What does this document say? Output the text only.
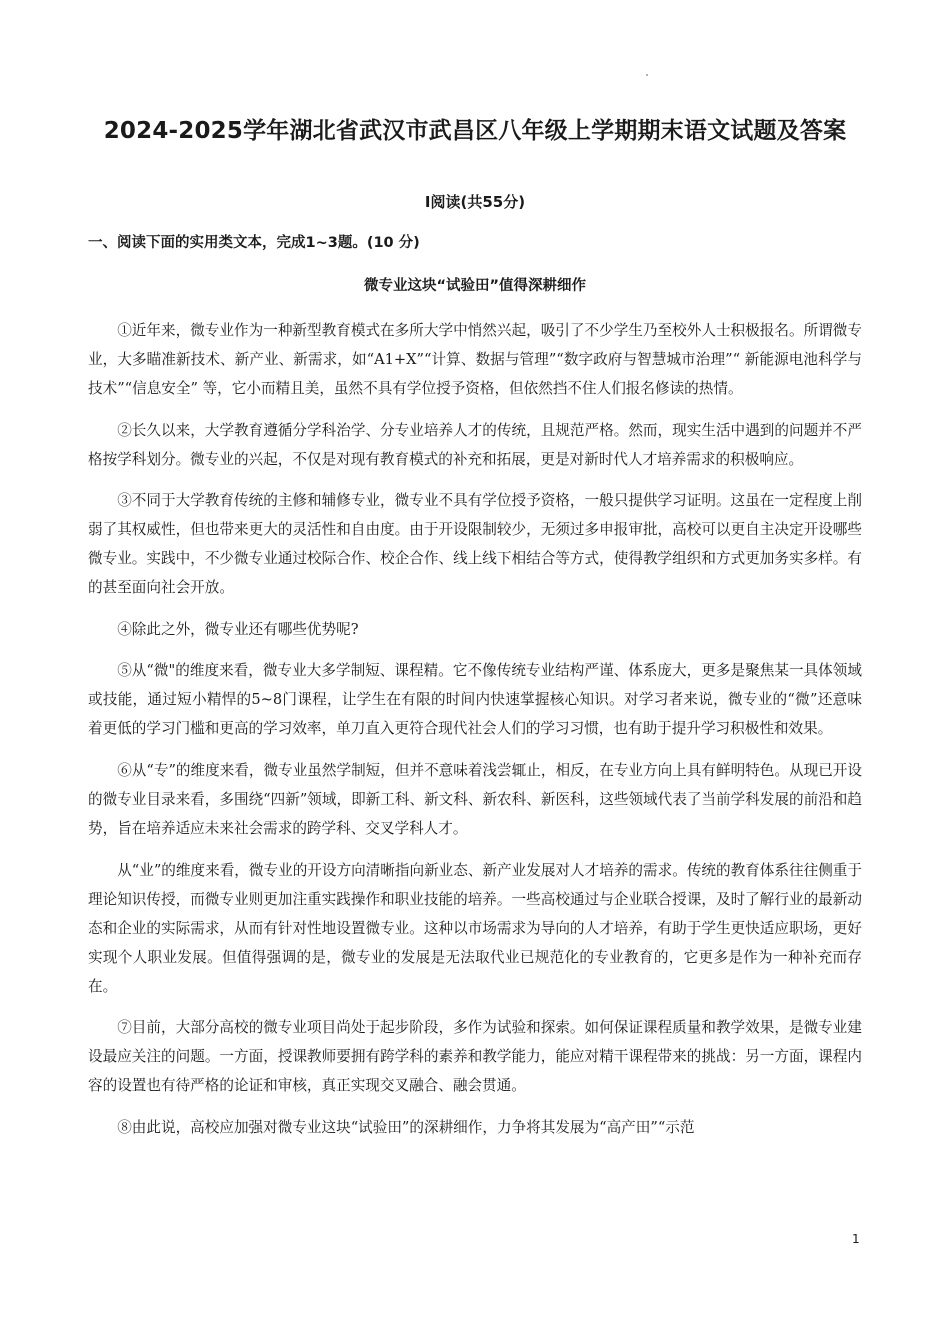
2024-2025学年湖北省武汉市武昌区八年级上学期期末语文试题及答案
Ⅰ阅读(共55分)
一、阅读下面的实用类文本，完成1~3题。(10 分)
微专业这块“试验田”值得深耕细作

①近年来，微专业作为一种新型教育模式在多所大学中悄然兴起，吸引了不少学生乃至校外人士积极报名。所谓微专业，大多瞄准新技术、新产业、新需求，如“A1+X”“计算、数据与管理”“数字政府与智慧城市治理”“ 新能源电池科学与技术”“信息安全” 等，它小而精且美，虽然不具有学位授予资格，但依然挡不住人们报名修读的热情。

②长久以来，大学教育遵循分学科治学、分专业培养人才的传统，且规范严格。然而，现实生活中遇到的问题并不严格按学科划分。微专业的兴起，不仅是对现有教育模式的补充和拓展，更是对新时代人才培养需求的积极响应。

③不同于大学教育传统的主修和辅修专业，微专业不具有学位授予资格，一般只提供学习证明。这虽在一定程度上削弱了其权威性，但也带来更大的灵活性和自由度。由于开设限制较少，无须过多申报审批，高校可以更自主决定开设哪些微专业。实践中，不少微专业通过校际合作、校企合作、线上线下相结合等方式，使得教学组织和方式更加务实多样。有的甚至面向社会开放。

④除此之外，微专业还有哪些优势呢?

⑤从“微"的维度来看，微专业大多学制短、课程精。它不像传统专业结构严谨、体系庞大，更多是聚焦某一具体领域或技能，通过短小精悍的5~8门课程，让学生在有限的时间内快速掌握核心知识。对学习者来说，微专业的“微”还意味着更低的学习门槛和更高的学习效率，单刀直入更符合现代社会人们的学习习惯，也有助于提升学习积极性和效果。

⑥从“专”的维度来看，微专业虽然学制短，但并不意味着浅尝辄止，相反，在专业方向上具有鲜明特色。从现已开设的微专业目录来看，多围绕“四新”领域，即新工科、新文科、新农科、新医科，这些领域代表了当前学科发展的前沿和趋势，旨在培养适应未来社会需求的跨学科、交叉学科人才。

从“业”的维度来看，微专业的开设方向清晰指向新业态、新产业发展对人才培养的需求。传统的教育体系往往侧重于理论知识传授，而微专业则更加注重实践操作和职业技能的培养。一些高校通过与企业联合授课，及时了解行业的最新动态和企业的实际需求，从而有针对性地设置微专业。这种以市场需求为导向的人才培养，有助于学生更快适应职场，更好实现个人职业发展。但值得强调的是，微专业的发展是无法取代业已规范化的专业教育的，它更多是作为一种补充而存在。

⑦目前，大部分高校的微专业项目尚处于起步阶段，多作为试验和探索。如何保证课程质量和教学效果，是微专业建设最应关注的问题。一方面，授课教师要拥有跨学科的素养和教学能力，能应对精干课程带来的挑战：另一方面，课程内容的设置也有待严格的论证和审核，真正实现交叉融合、融会贯通。

⑧由此说，高校应加强对微专业这块“试验田”的深耕细作，力争将其发展为“高产田”“示范

1
